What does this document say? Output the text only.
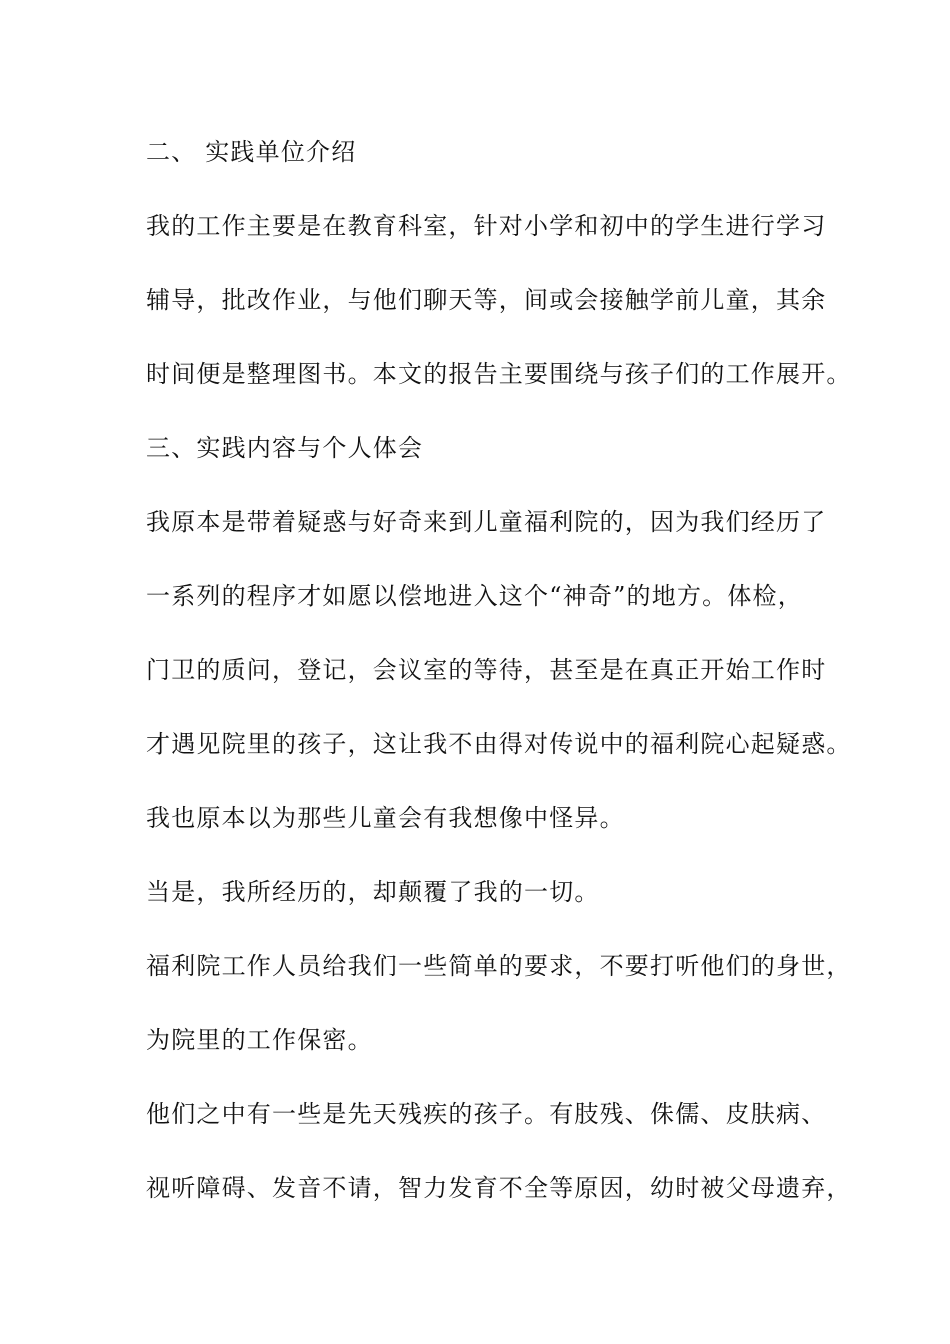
二、 实践单位介绍
我的工作主要是在教育科室，针对小学和初中的学生进行学习
辅导，批改作业，与他们聊天等，间或会接触学前儿童，其余
时间便是整理图书。本文的报告主要围绕与孩子们的工作展开。
三、实践内容与个人体会
我原本是带着疑惑与好奇来到儿童福利院的，因为我们经历了
一系列的程序才如愿以偿地进入这个“神奇”的地方。体检，
门卫的质问，登记，会议室的等待，甚至是在真正开始工作时
才遇见院里的孩子，这让我不由得对传说中的福利院心起疑惑。
我也原本以为那些儿童会有我想像中怪异。
当是，我所经历的，却颠覆了我的一切。
福利院工作人员给我们一些简单的要求，不要打听他们的身世，
为院里的工作保密。
他们之中有一些是先天残疾的孩子。有肢残、侏儒、皮肤病、
视听障碍、发音不请，智力发育不全等原因，幼时被父母遗弃，
